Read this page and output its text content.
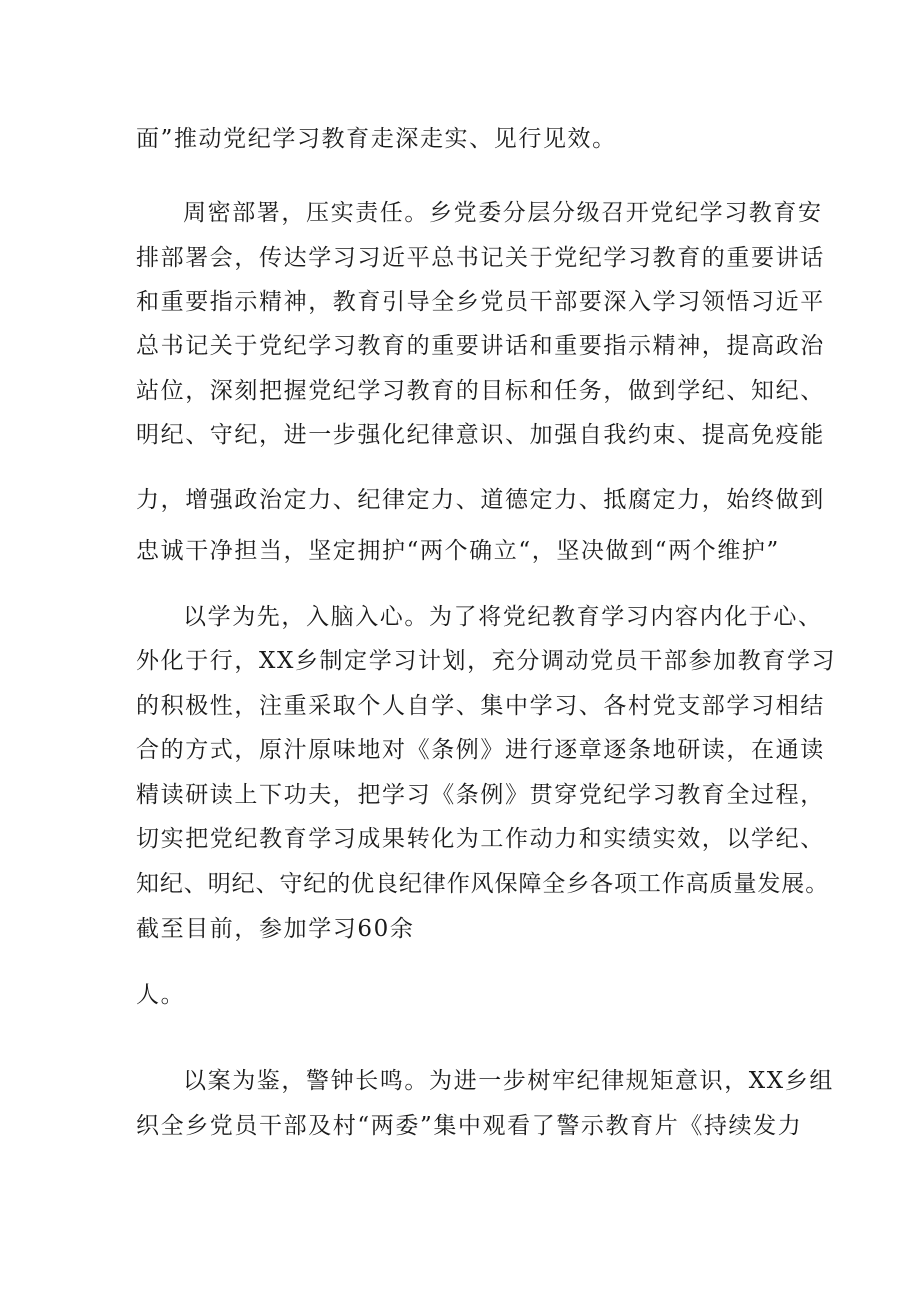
面”推动党纪学习教育走深走实、见行见效。
周密部署，压实责任。乡党委分层分级召开党纪学习教育安
排部署会，传达学习习近平总书记关于党纪学习教育的重要讲话
和重要指示精神，教育引导全乡党员干部要深入学习领悟习近平
总书记关于党纪学习教育的重要讲话和重要指示精神，提高政治
站位，深刻把握党纪学习教育的目标和任务，做到学纪、知纪、
明纪、守纪，进一步强化纪律意识、加强自我约束、提高免疫能
力，增强政治定力、纪律定力、道德定力、抵腐定力，始终做到
忠诚干净担当，坚定拥护“两个确立“，坚决做到“两个维护”
以学为先，入脑入心。为了将党纪教育学习内容内化于心、
外化于行，XX乡制定学习计划，充分调动党员干部参加教育学习
的积极性，注重采取个人自学、集中学习、各村党支部学习相结
合的方式，原汁原味地对《条例》进行逐章逐条地研读，在通读
精读研读上下功夫，把学习《条例》贯穿党纪学习教育全过程，
切实把党纪教育学习成果转化为工作动力和实绩实效，以学纪、
知纪、明纪、守纪的优良纪律作风保障全乡各项工作高质量发展。
截至目前，参加学习60余
人。
以案为鉴，警钟长鸣。为进一步树牢纪律规矩意识，XX乡组
织全乡党员干部及村“两委”集中观看了警示教育片《持续发力
